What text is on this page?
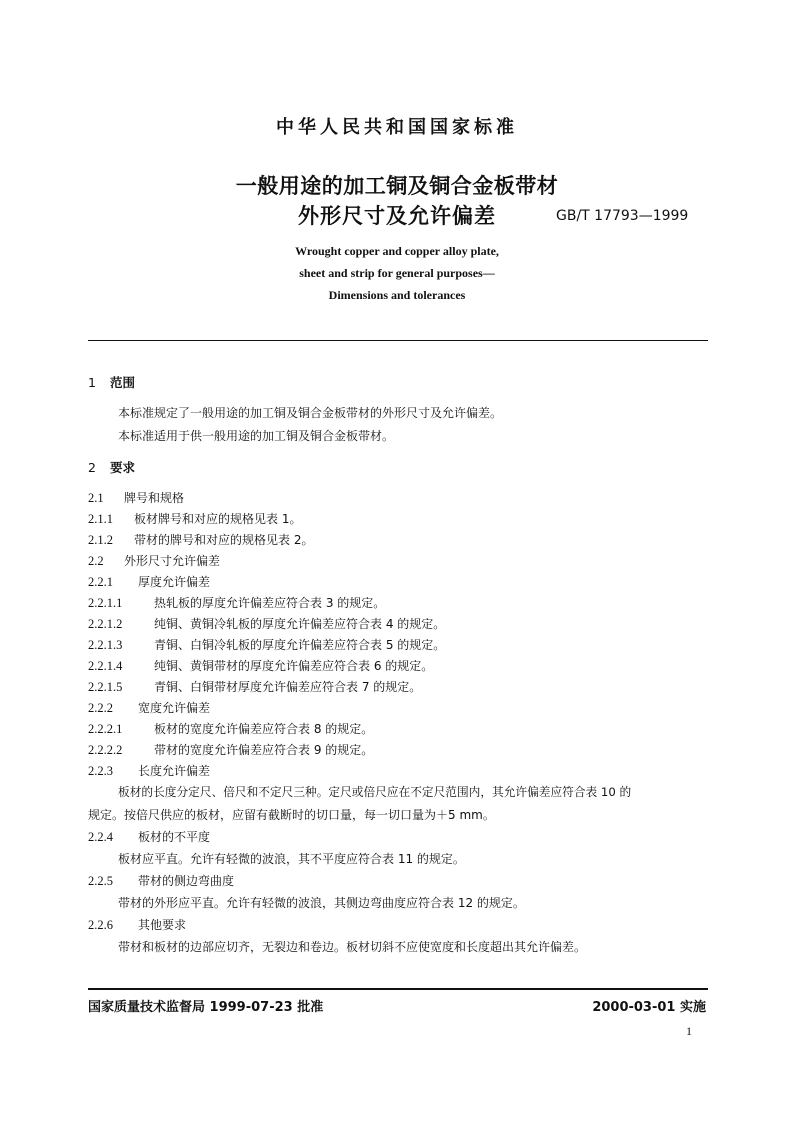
中华人民共和国国家标准
一般用途的加工铜及铜合金板带材
外形尺寸及允许偏差	GB/T 17793—1999
Wrought copper and copper alloy plate,
sheet and strip for general purposes—
Dimensions and tolerances
1 范围
本标准规定了一般用途的加工铜及铜合金板带材的外形尺寸及允许偏差。
本标准适用于供一般用途的加工铜及铜合金板带材。
2 要求
2.1 牌号和规格
2.1.1 板材牌号和对应的规格见表 1。
2.1.2 带材的牌号和对应的规格见表 2。
2.2 外形尺寸允许偏差
2.2.1 厚度允许偏差
2.2.1.1	热轧板的厚度允许偏差应符合表 3 的规定。
2.2.1.2	纯铜、黄铜冷轧板的厚度允许偏差应符合表 4 的规定。
2.2.1.3	青铜、白铜冷轧板的厚度允许偏差应符合表 5 的规定。
2.2.1.4	纯铜、黄铜带材的厚度允许偏差应符合表 6 的规定。
2.2.1.5	青铜、白铜带材厚度允许偏差应符合表 7 的规定。
2.2.2 宽度允许偏差
2.2.2.1	板材的宽度允许偏差应符合表 8 的规定。
2.2.2.2	带材的宽度允许偏差应符合表 9 的规定。
2.2.3 长度允许偏差
板材的长度分定尺、倍尺和不定尺三种。定尺或倍尺应在不定尺范围内，其允许偏差应符合表 10 的
规定。按倍尺供应的板材，应留有截断时的切口量，每一切口量为＋5 mm。
2.2.4 板材的不平度
板材应平直。允许有轻微的波浪，其不平度应符合表 11 的规定。
2.2.5 带材的侧边弯曲度
带材的外形应平直。允许有轻微的波浪，其侧边弯曲度应符合表 12 的规定。
2.2.6 其他要求
带材和板材的边部应切齐，无裂边和卷边。板材切斜不应使宽度和长度超出其允许偏差。
国家质量技术监督局 1999-07-23 批准	2000-03-01 实施
1
